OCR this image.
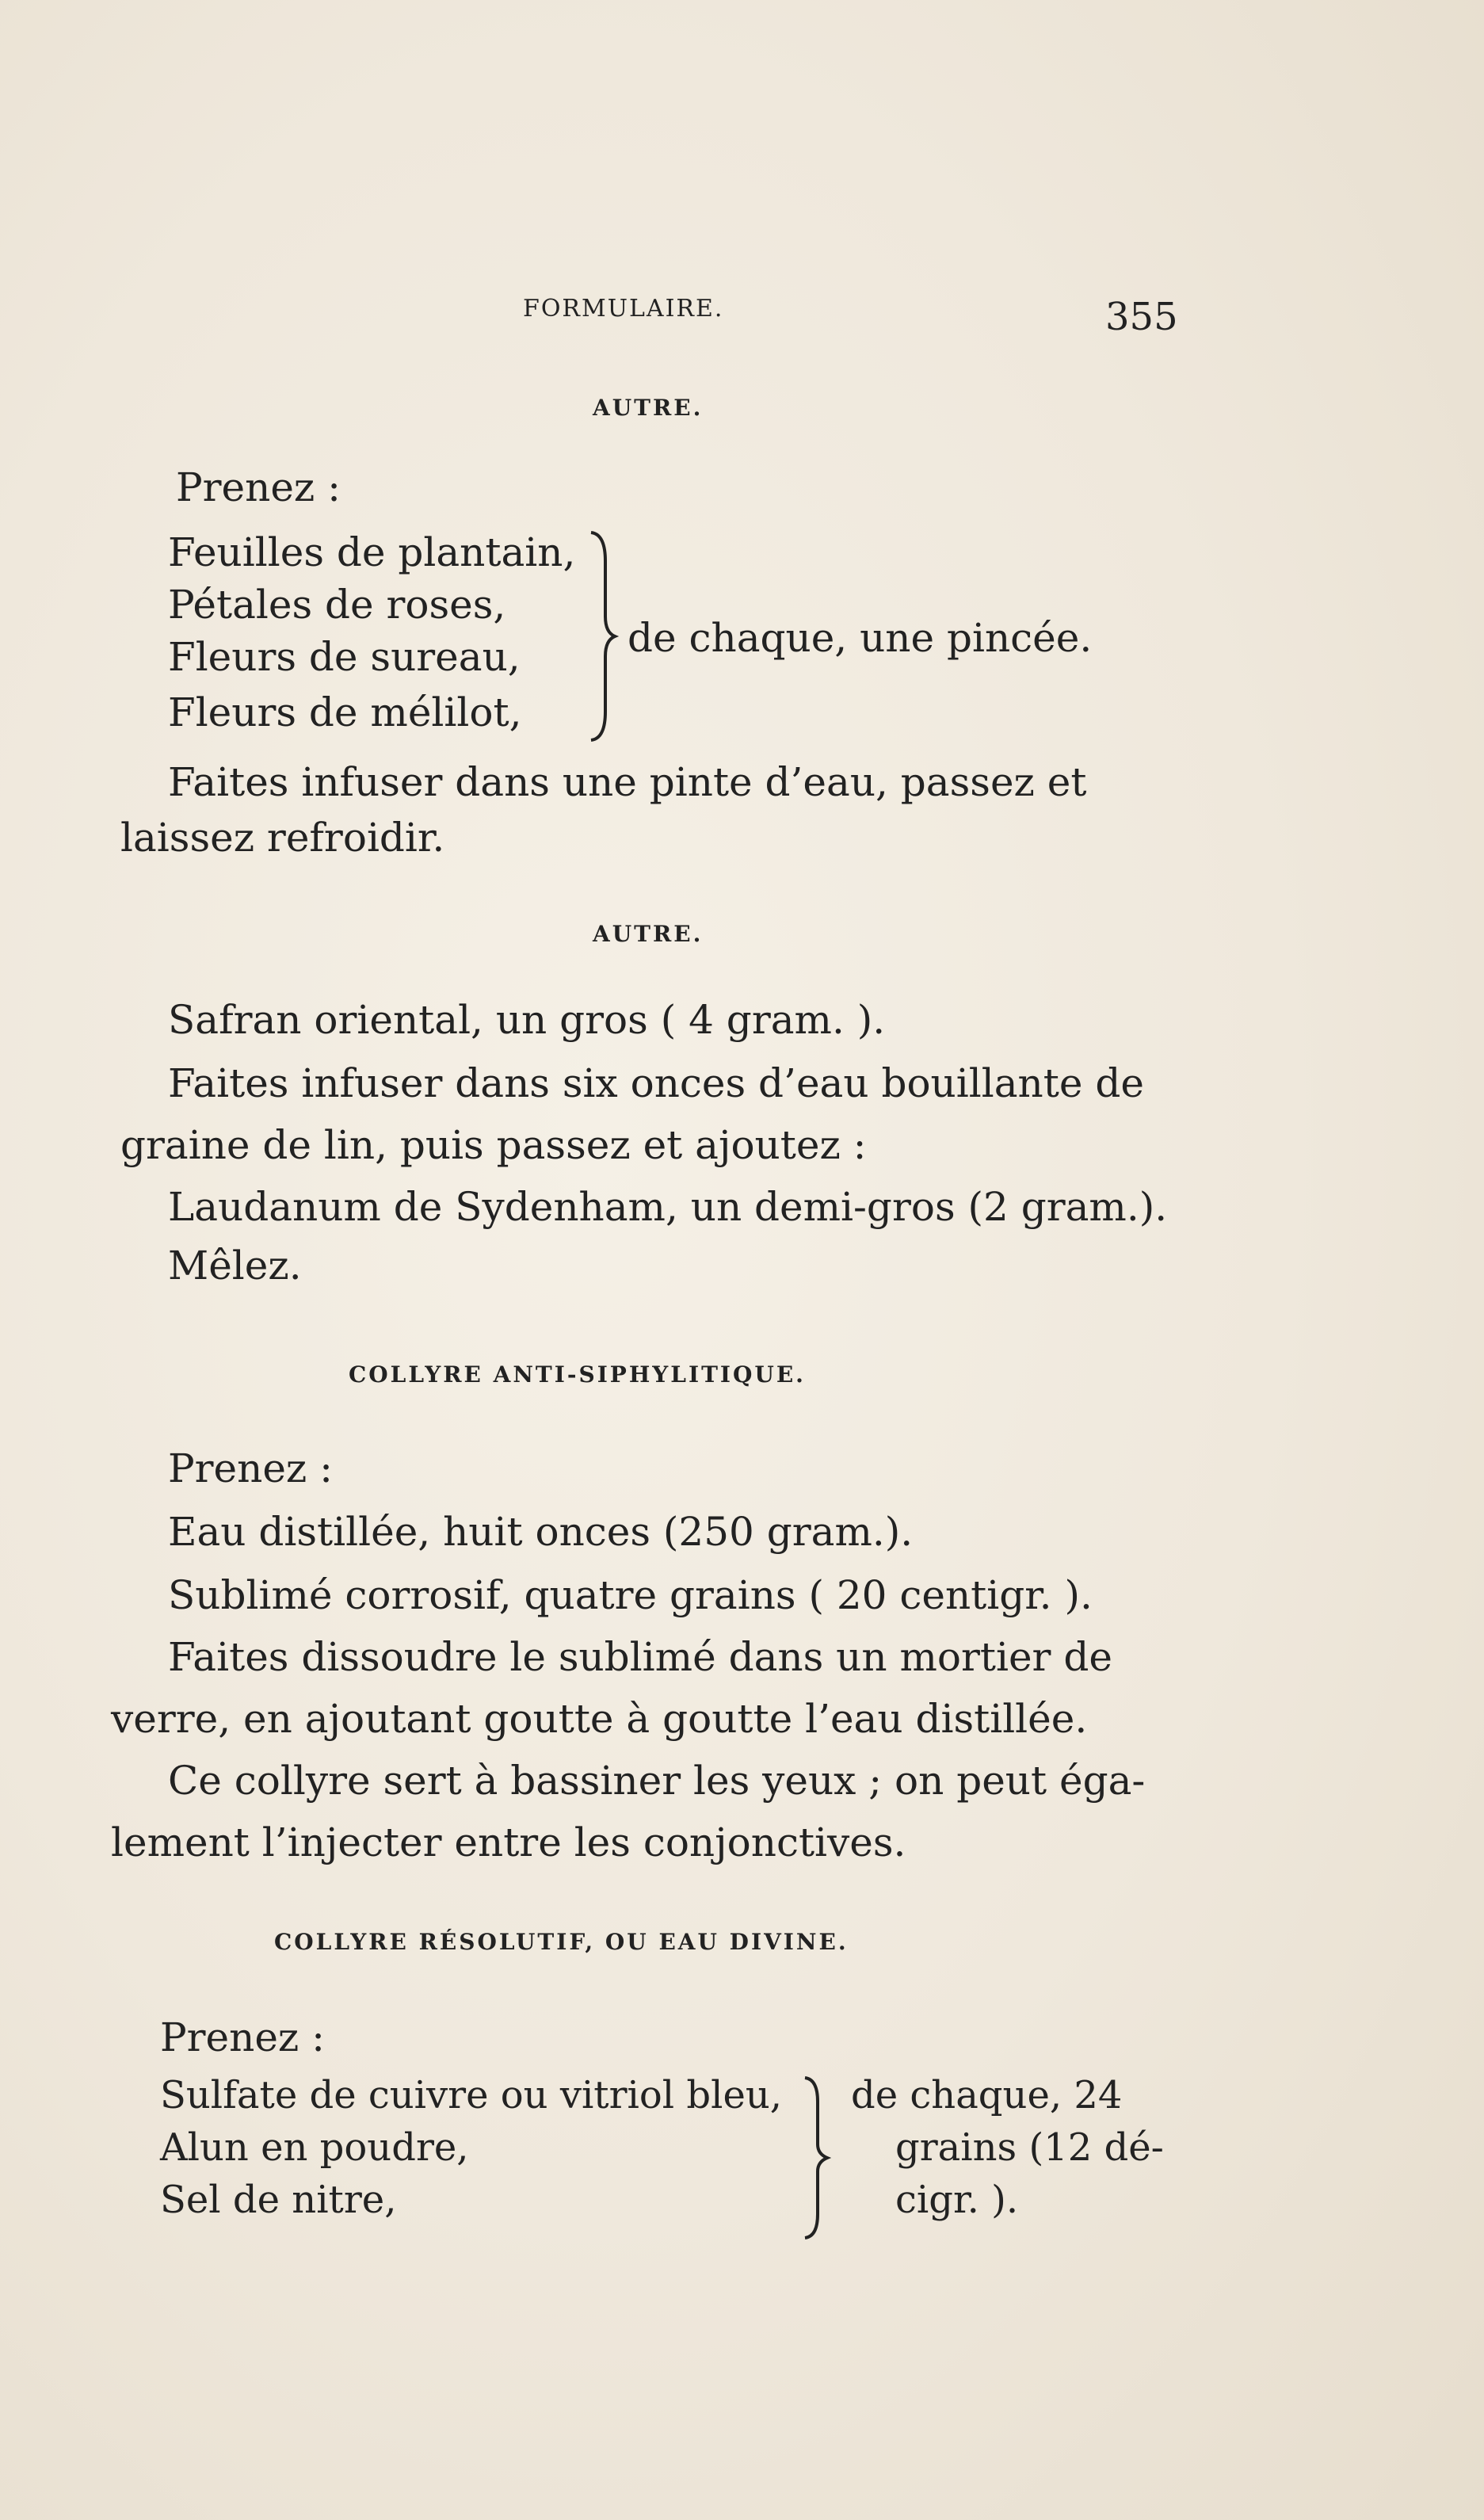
FORMULAIRE.	355
AUTRE.
Prenez :
Feuilles de plantain,
Pétales de roses,
Fleurs de sureau,
Fleurs de mélilot,
de chaque, une pincée.
Faites infuser dans une pinte d’eau, passez et
laissez refroidir.
AUTRE.
Safran oriental, un gros ( 4 gram. ).
Faites infuser dans six onces d’eau bouillante de
graine de lin, puis passez et ajoutez :
Laudanum de Sydenham, un demi-gros (2 gram.).
Mêlez.
COLLYRE ANTI-SIPHYLITIQUE.
Prenez :
Eau distillée, huit onces (250 gram.).
Sublimé corrosif, quatre grains ( 20 centigr. ).
Faites dissoudre le sublimé dans un mortier de
verre, en ajoutant goutte à goutte l’eau distillée.
Ce collyre sert à bassiner les yeux ; on peut éga-
lement l’injecter entre les conjonctives.
COLLYRE RÉSOLUTIF, OU EAU DIVINE.
Prenez :
Sulfate de cuivre ou vitriol bleu,
Alun en poudre,
Sel de nitre,
de chaque, 24
grains (12 dé-
cigr. ).
